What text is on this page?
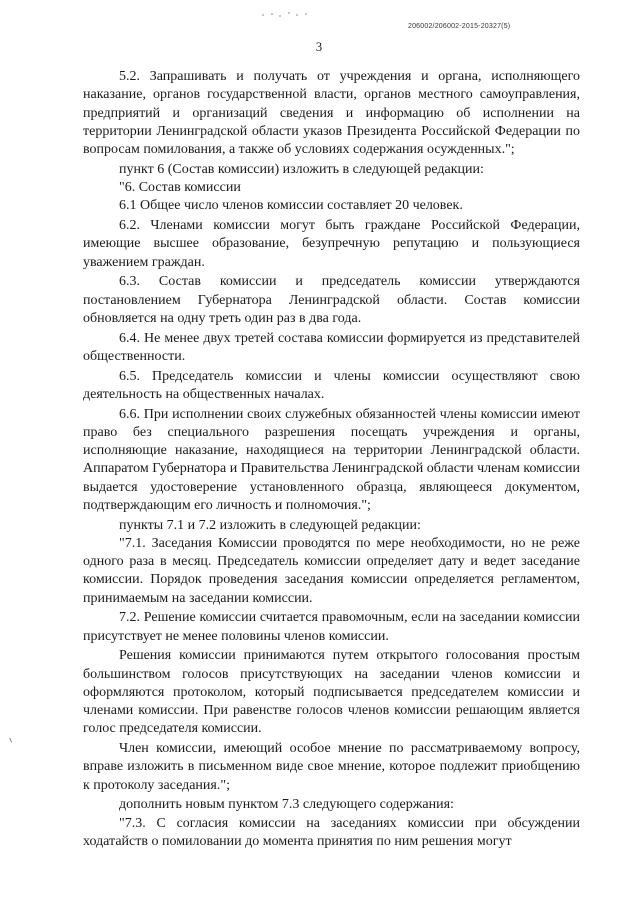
206002/206002-2015-20327(5)
3

5.2. Запрашивать и получать от учреждения и органа, исполняющего наказание, органов государственной власти, органов местного самоуправления, предприятий и организаций сведения и информацию об исполнении на территории Ленинградской области указов Президента Российской Федерации по вопросам помилования, а также об условиях содержания осужденных.";

пункт 6 (Состав комиссии) изложить в следующей редакции:

"6. Состав комиссии

6.1 Общее число членов комиссии составляет 20 человек.

6.2. Членами комиссии могут быть граждане Российской Федерации, имеющие высшее образование, безупречную репутацию и пользующиеся уважением граждан.

6.3. Состав комиссии и председатель комиссии утверждаются постановлением Губернатора Ленинградской области. Состав комиссии обновляется на одну треть один раз в два года.

6.4. Не менее двух третей состава комиссии формируется из представителей общественности.

6.5. Председатель комиссии и члены комиссии осуществляют свою деятельность на общественных началах.

6.6. При исполнении своих служебных обязанностей члены комиссии имеют право без специального разрешения посещать учреждения и органы, исполняющие наказание, находящиеся на территории Ленинградской области. Аппаратом Губернатора и Правительства Ленинградской области членам комиссии выдается удостоверение установленного образца, являющееся документом, подтверждающим его личность и полномочия.";

пункты 7.1 и 7.2 изложить в следующей редакции:

"7.1. Заседания Комиссии проводятся по мере необходимости, но не реже одного раза в месяц. Председатель комиссии определяет дату и ведет заседание комиссии. Порядок проведения заседания комиссии определяется регламентом, принимаемым на заседании комиссии.

7.2. Решение комиссии считается правомочным, если на заседании комиссии присутствует не менее половины членов комиссии.

Решения комиссии принимаются путем открытого голосования простым большинством голосов присутствующих на заседании членов комиссии и оформляются протоколом, который подписывается председателем комиссии и членами комиссии. При равенстве голосов членов комиссии решающим является голос председателя комиссии.

Член комиссии, имеющий особое мнение по рассматриваемому вопросу, вправе изложить в письменном виде свое мнение, которое подлежит приобщению к протоколу заседания.";

дополнить новым пунктом 7.3 следующего содержания:

"7.3. С согласия комиссии на заседаниях комиссии при обсуждении ходатайств о помиловании до момента принятия по ним решения могут
